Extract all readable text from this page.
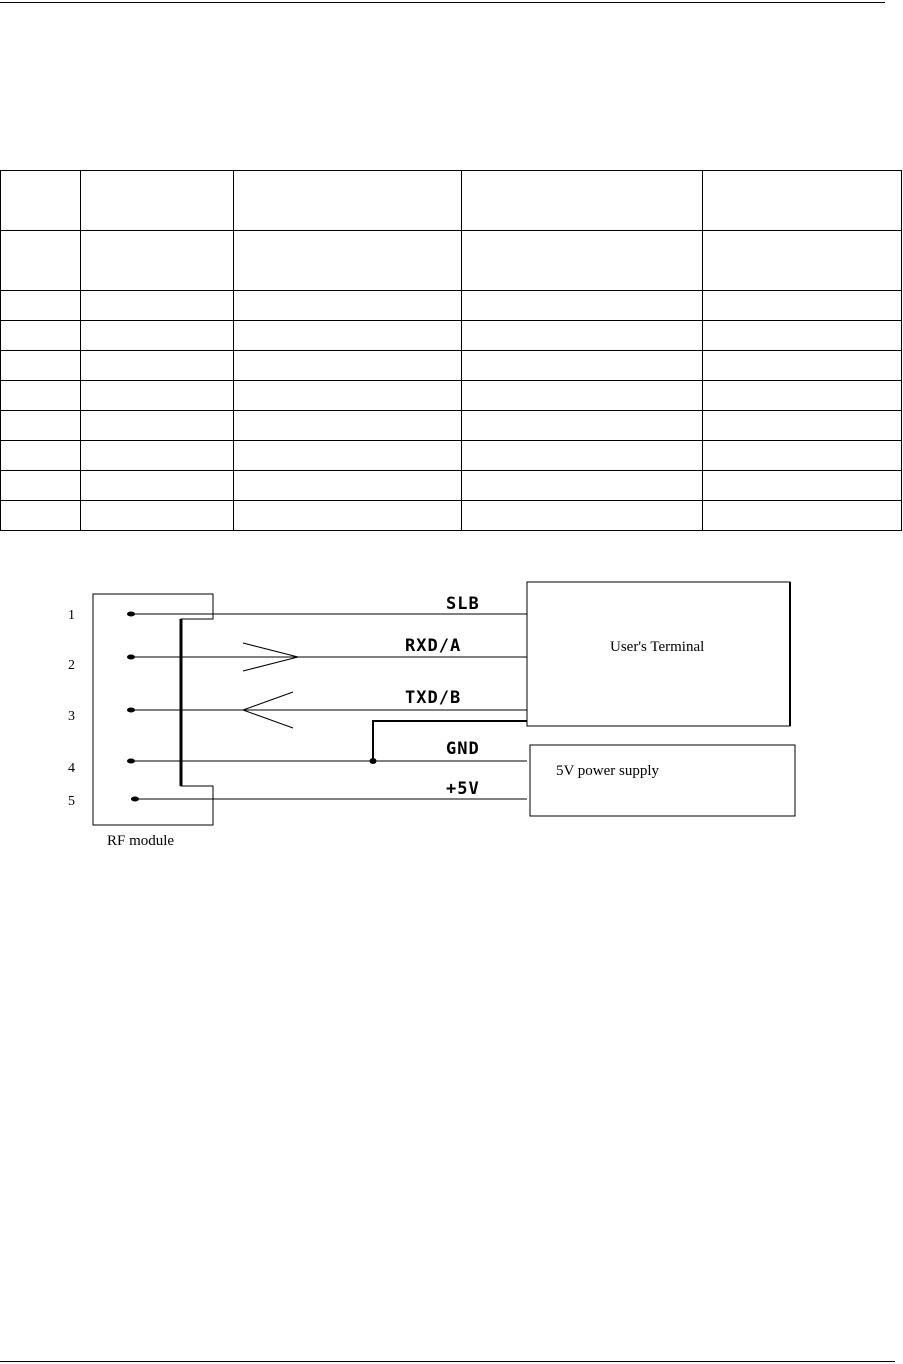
1
2
3
4
5
SLB
RXD/A
TXD/B
GND
+5V
User's Terminal
5V power supply
RF module
